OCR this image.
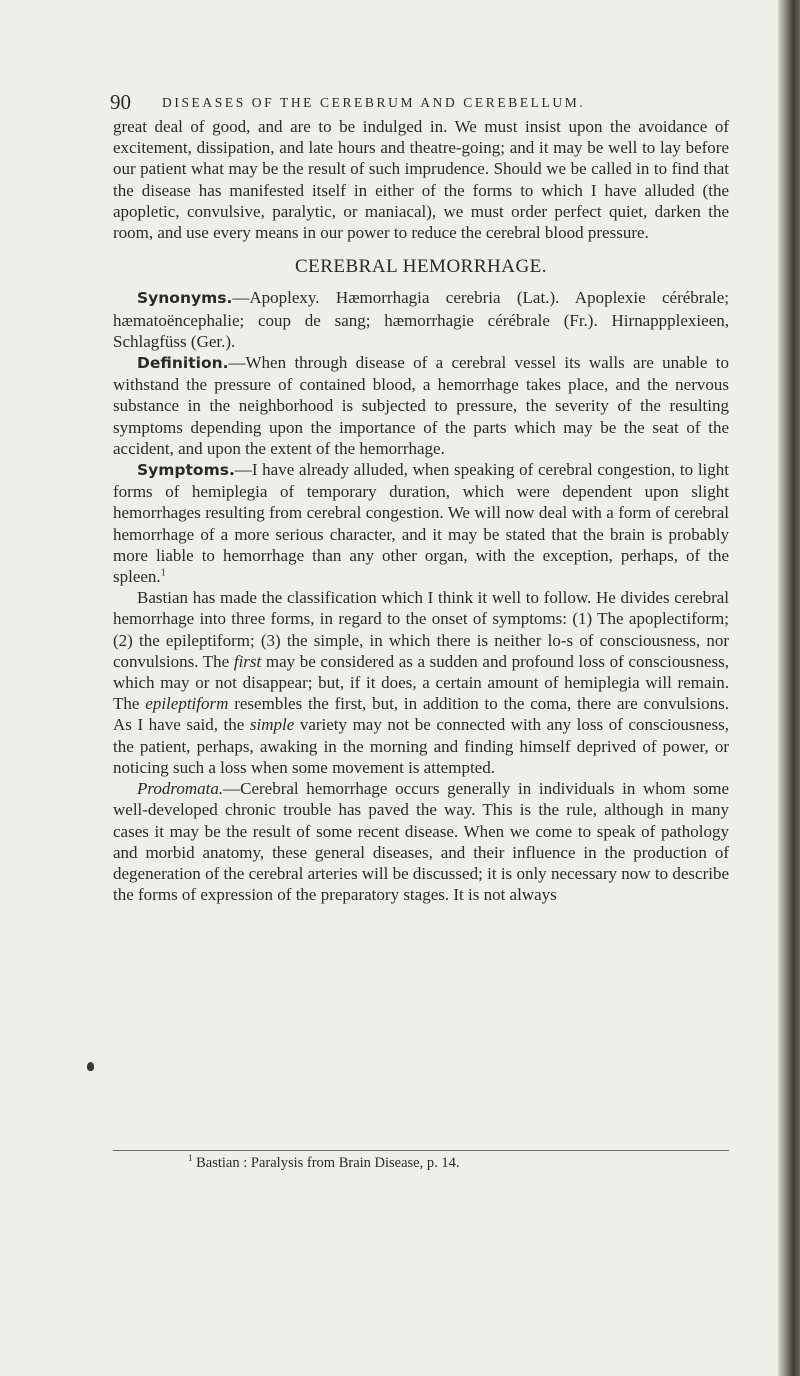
90 DISEASES OF THE CEREBRUM AND CEREBELLUM.

great deal of good, and are to be indulged in. We must insist upon the avoidance of excitement, dissipation, and late hours and theatre-going; and it may be well to lay before our patient what may be the result of such imprudence. Should we be called in to find that the disease has manifested itself in either of the forms to which I have alluded (the apopletic, convulsive, paralytic, or maniacal), we must order perfect quiet, darken the room, and use every means in our power to reduce the cerebral blood pressure.

CEREBRAL HEMORRHAGE.

Synonyms.—Apoplexy. Hæmorrhagia cerebria (Lat.). Apoplexie cérébrale; hæmatoëncephalie; coup de sang; hæmorrhagie cérébrale (Fr.). Hirnappplexieen, Schlagfüss (Ger.).

Definition.—When through disease of a cerebral vessel its walls are unable to withstand the pressure of contained blood, a hemorrhage takes place, and the nervous substance in the neighborhood is subjected to pressure, the severity of the resulting symptoms depending upon the importance of the parts which may be the seat of the accident, and upon the extent of the hemorrhage.

Symptoms.—I have already alluded, when speaking of cerebral congestion, to light forms of hemiplegia of temporary duration, which were dependent upon slight hemorrhages resulting from cerebral congestion. We will now deal with a form of cerebral hemorrhage of a more serious character, and it may be stated that the brain is probably more liable to hemorrhage than any other organ, with the exception, perhaps, of the spleen.$^1$

Bastian has made the classification which I think it well to follow. He divides cerebral hemorrhage into three forms, in regard to the onset of symptoms: (1) The apoplectiform; (2) the epileptiform; (3) the simple, in which there is neither lo-s of consciousness, nor convulsions. The first may be considered as a sudden and profound loss of consciousness, which may or not disappear; but, if it does, a certain amount of hemiplegia will remain. The epileptiform resembles the first, but, in addition to the coma, there are convulsions. As I have said, the simple variety may not be connected with any loss of consciousness, the patient, perhaps, awaking in the morning and finding himself deprived of power, or noticing such a loss when some movement is attempted.

Prodromata.—Cerebral hemorrhage occurs generally in individuals in whom some well-developed chronic trouble has paved the way. This is the rule, although in many cases it may be the result of some recent disease. When we come to speak of pathology and morbid anatomy, these general diseases, and their influence in the production of degeneration of the cerebral arteries will be discussed; it is only necessary now to describe the forms of expression of the preparatory stages. It is not always

$^1$ Bastian : Paralysis from Brain Disease, p. 14.
